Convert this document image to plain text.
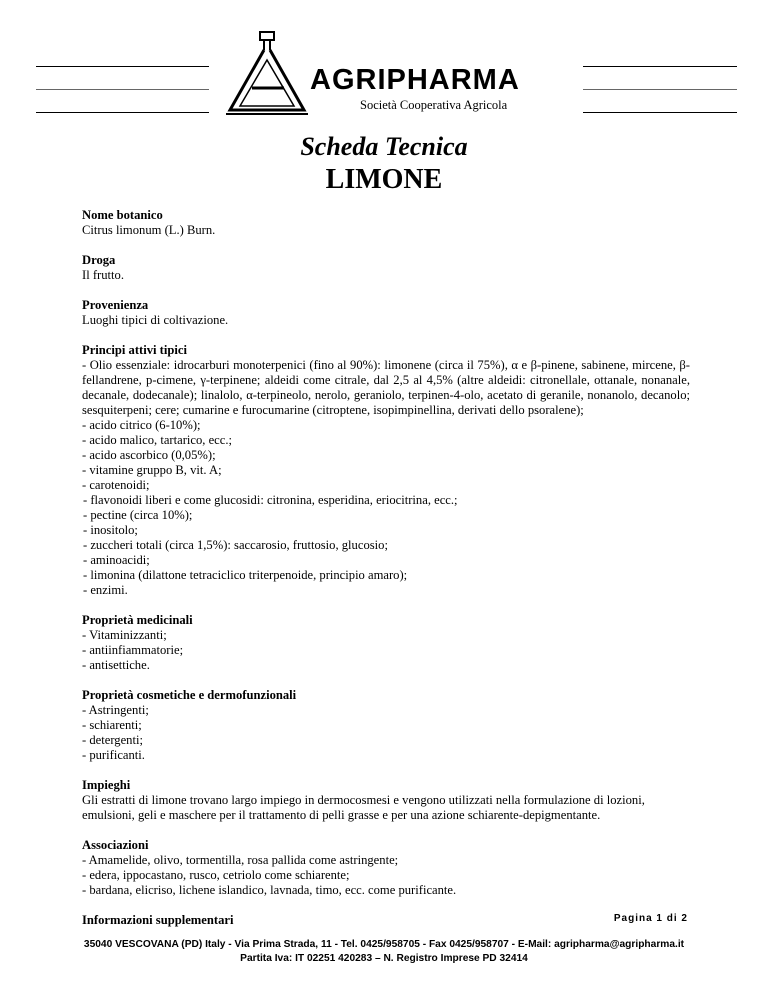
AGRIPHARMA
Società Cooperativa Agricola
Scheda Tecnica
LIMONE
Nome botanico
Citrus limonum (L.) Burn.
Droga
Il frutto.
Provenienza
Luoghi tipici di coltivazione.
Principi attivi tipici
- Olio essenziale: idrocarburi monoterpenici (fino al 90%): limonene (circa il 75%), α e β-pinene, sabinene, mircene, β-fellandrene, p-cimene, γ-terpinene; aldeidi come citrale, dal 2,5 al 4,5% (altre aldeidi: citronellale, ottanale, nonanale, decanale, dodecanale); linalolo, α-terpineolo, nerolo, geraniolo, terpinen-4-olo, acetato di geranile, nonanolo, decanolo; sesquiterpeni; cere; cumarine e furocumarine (citroptene, isopimpinellina, derivati dello psoralene);
- acido citrico (6-10%);
- acido malico, tartarico, ecc.;
- acido ascorbico (0,05%);
- vitamine gruppo B, vit. A;
- carotenoidi;
- flavonoidi liberi e come glucosidi: citronina, esperidina, eriocitrina, ecc.;
- pectine (circa 10%);
- inositolo;
- zuccheri totali (circa 1,5%): saccarosio, fruttosio, glucosio;
- aminoacidi;
- limonina (dilattone tetraciclico triterpenoide, principio amaro);
- enzimi.
Proprietà medicinali
- Vitaminizzanti;
- antiinfiammatorie;
- antisettiche.
Proprietà cosmetiche e dermofunzionali
- Astringenti;
- schiarenti;
- detergenti;
- purificanti.
Impieghi
Gli estratti di limone trovano largo impiego in dermocosmesi e vengono utilizzati nella formulazione di lozioni, emulsioni, geli e maschere per il trattamento di pelli grasse e per una azione schiarente-depigmentante.
Associazioni
- Amamelide, olivo, tormentilla, rosa pallida come astringente;
- edera, ippocastano, rusco, cetriolo come schiarente;
- bardana, elicriso, lichene islandico, lavnada, timo, ecc. come purificante.
Informazioni supplementari	Pagina 1 di 2
35040 VESCOVANA (PD) Italy - Via Prima Strada, 11 - Tel. 0425/958705 - Fax 0425/958707 - E-Mail: agripharma@agripharma.it
Partita Iva: IT 02251 420283 – N. Registro Imprese PD 32414
